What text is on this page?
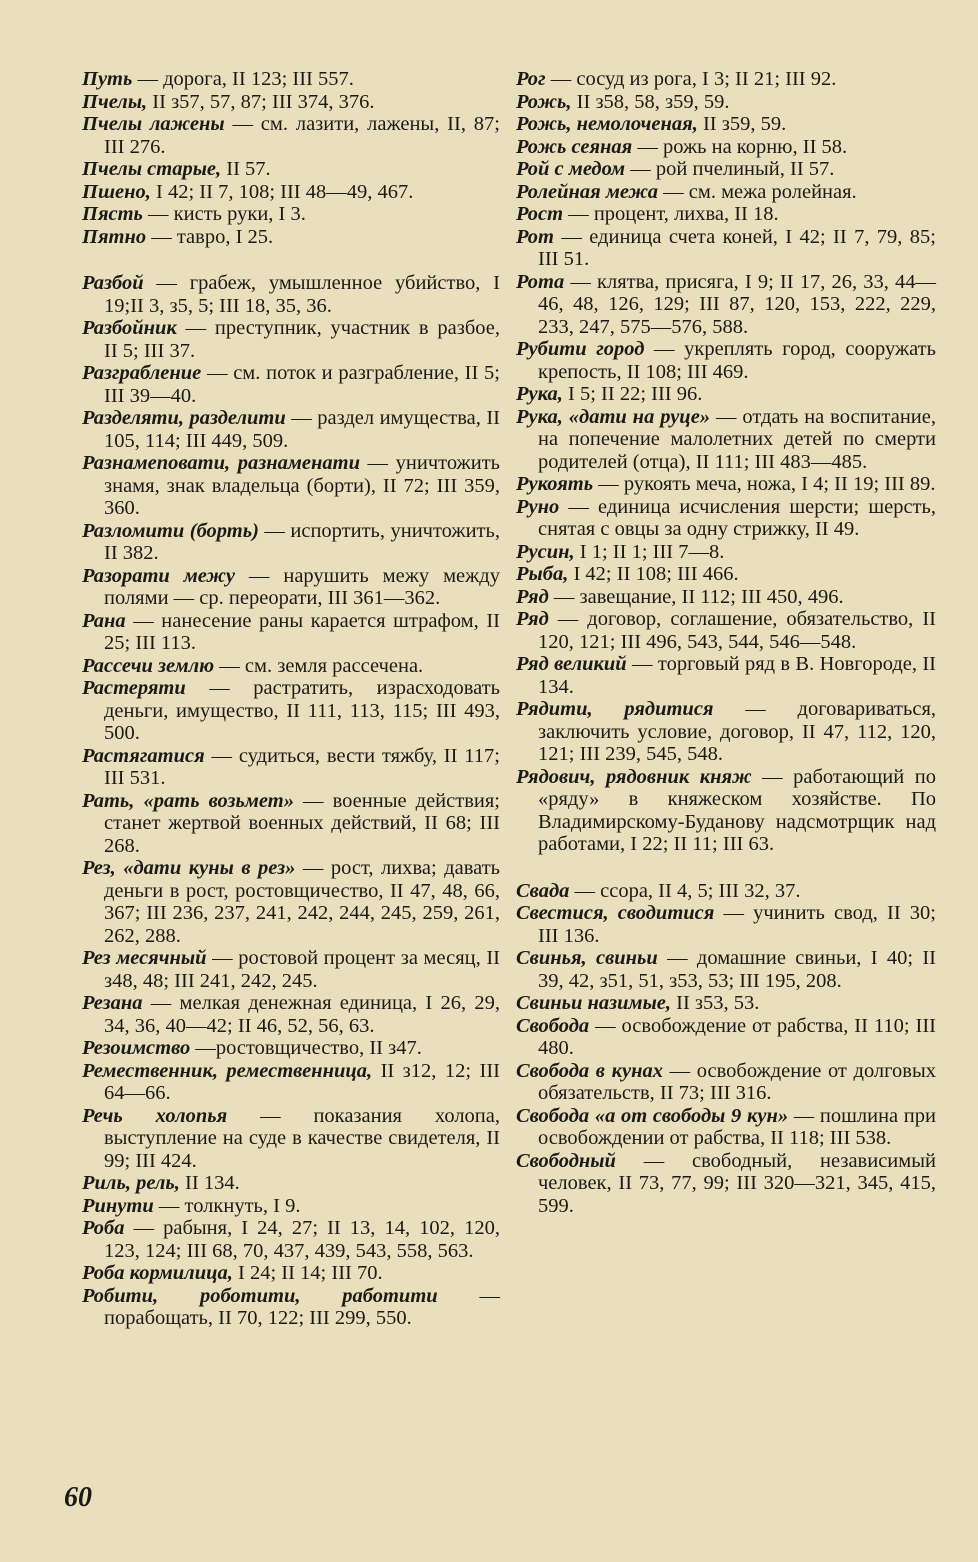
Путь — дорога, II 123; III 557.

Пчелы, II з57, 57, 87; III 374, 376.

Пчелы лажены — см. лазити, лажены, II, 87; III 276.

Пчелы старые, II 57.

Пшено, I 42; II 7, 108; III 48—49, 467.

Пясть — кисть руки, I 3.

Пятно — тавро, I 25.

Разбой — грабеж, умышленное убийство, I 19;II 3, з5, 5; III 18, 35, 36.

Разбойник — преступник, участник в разбое, II 5; III 37.

Разграбление — см. поток и разграбление, II 5; III 39—40.

Разделяти, разделити — раздел имущества, II 105, 114; III 449, 509.

Разнамеповати, разнаменати — уничтожить знамя, знак владельца (борти), II 72; III 359, 360.

Разломити (борть) — испортить, уничтожить, II 382.

Разорати межу — нарушить межу между полями — ср. переорати, III 361—362.

Рана — нанесение раны карается штрафом, II 25; III 113.

Рассечи землю — см. земля рассечена.

Растеряти — растратить, израсходовать деньги, имущество, II 111, 113, 115; III 493, 500.

Растягатися — судиться, вести тяжбу, II 117; III 531.

Рать, «рать возьмет» — военные действия; станет жертвой военных действий, II 68; III 268.

Рез, «дати куны в рез» — рост, лихва; давать деньги в рост, ростовщичество, II 47, 48, 66, 367; III 236, 237, 241, 242, 244, 245, 259, 261, 262, 288.

Рез месячный — ростовой процент за месяц, II з48, 48; III 241, 242, 245.

Резана — мелкая денежная единица, I 26, 29, 34, 36, 40—42; II 46, 52, 56, 63.

Резоимство —ростовщичество, II з47.

Ремественник, ремественница, II з12, 12; III 64—66.

Речь холопья — показания холопа, выступление на суде в качестве свидетеля, II 99; III 424.

Риль, рель, II 134.

Ринути — толкнуть, I 9.

Роба — рабыня, I 24, 27; II 13, 14, 102, 120, 123, 124; III 68, 70, 437, 439, 543, 558, 563.

Роба кормилица, I 24; II 14; III 70.

Робити, роботити, работити — порабощать, II 70, 122; III 299, 550.

Рог — сосуд из рога, I 3; II 21; III 92.

Рожь, II з58, 58, з59, 59.

Рожь, немолоченая, II з59, 59.

Рожь сеяная — рожь на корню, II 58.

Рой с медом — рой пчелиный, II 57.

Ролейная межа — см. межа ролейная.

Рост — процент, лихва, II 18.

Рот — единица счета коней, I 42; II 7, 79, 85; III 51.

Рота — клятва, присяга, I 9; II 17, 26, 33, 44—46, 48, 126, 129; III 87, 120, 153, 222, 229, 233, 247, 575—576, 588.

Рубити город — укреплять город, сооружать крепость, II 108; III 469.

Рука, I 5; II 22; III 96.

Рука, «дати на руце» — отдать на воспитание, на попечение малолетних детей по смерти родителей (отца), II 111; III 483—485.

Рукоять — рукоять меча, ножа, I 4; II 19; III 89.

Руно — единица исчисления шерсти; шерсть, снятая с овцы за одну стрижку, II 49.

Русин, I 1; II 1; III 7—8.

Рыба, I 42; II 108; III 466.

Ряд — завещание, II 112; III 450, 496.

Ряд — договор, соглашение, обязательство, II 120, 121; III 496, 543, 544, 546—548.

Ряд великий — торговый ряд в В. Новгороде, II 134.

Рядити, рядитися — договариваться, заключить условие, договор, II 47, 112, 120, 121; III 239, 545, 548.

Рядович, рядовник княж — работающий по «ряду» в княжеском хозяйстве. По Владимирскому-Буданову надсмотрщик над работами, I 22; II 11; III 63.

Свада — ссора, II 4, 5; III 32, 37.

Свестися, сводитися — учинить свод, II 30; III 136.

Свинья, свиньи — домашние свиньи, I 40; II 39, 42, з51, 51, з53, 53; III 195, 208.

Свиньи назимые, II з53, 53.

Свобода — освобождение от рабства, II 110; III 480.

Свобода в кунах — освобождение от долговых обязательств, II 73; III 316.

Свобода «а от свободы 9 кун» — пошлина при освобождении от рабства, II 118; III 538.

Свободный — свободный, независимый человек, II 73, 77, 99; III 320—321, 345, 415, 599.

60
